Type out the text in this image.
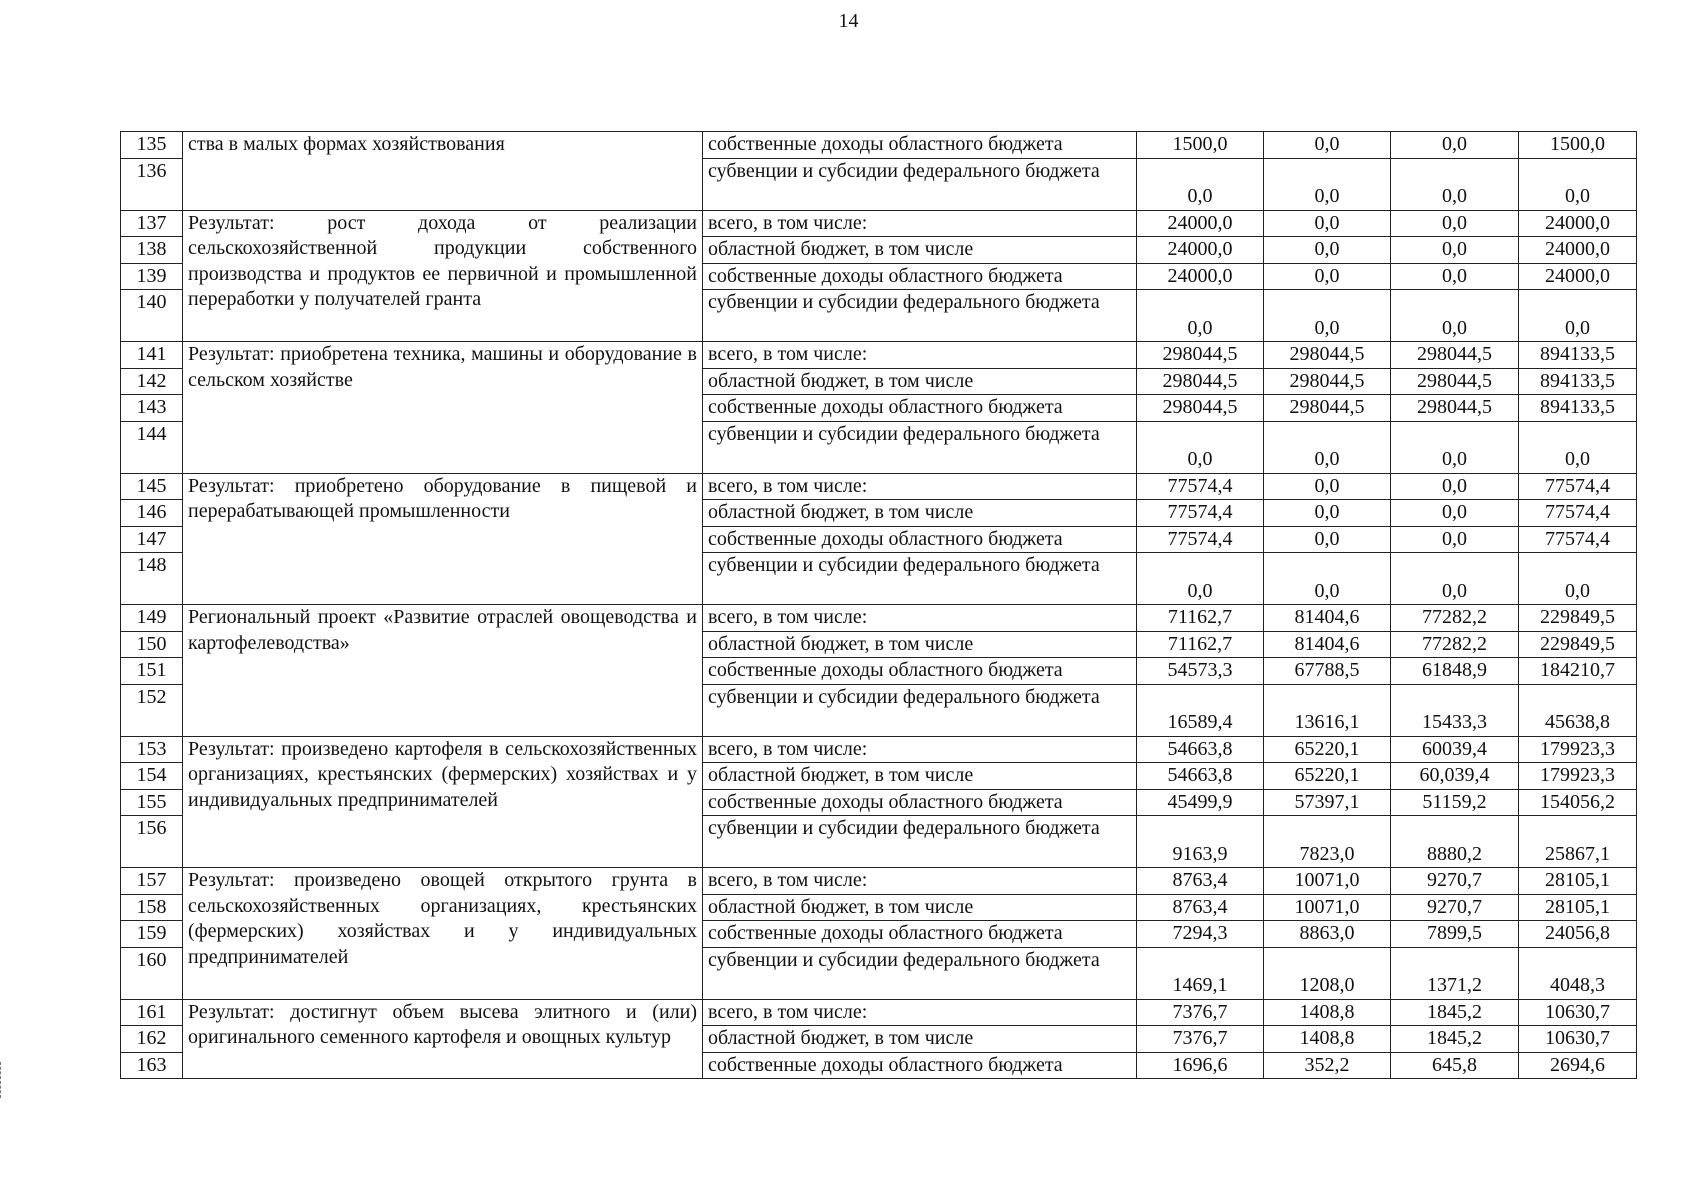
14
135	ства в малых формах хозяйствования	собственные доходы областного бюджета	1500,0	0,0	0,0	1500,0
136		субвенции и субсидии федерального бюджета	0,0	0,0	0,0	0,0
137	Результат: рост дохода от реализации сельскохозяйственной продукции собственного производства и продуктов ее первичной и промышленной переработки у получателей гранта	всего, в том числе:	24000,0	0,0	0,0	24000,0
138		областной бюджет, в том числе	24000,0	0,0	0,0	24000,0
139		собственные доходы областного бюджета	24000,0	0,0	0,0	24000,0
140		субвенции и субсидии федерального бюджета	0,0	0,0	0,0	0,0
141	Результат: приобретена техника, машины и оборудование в сельском хозяйстве	всего, в том числе:	298044,5	298044,5	298044,5	894133,5
142		областной бюджет, в том числе	298044,5	298044,5	298044,5	894133,5
143		собственные доходы областного бюджета	298044,5	298044,5	298044,5	894133,5
144		субвенции и субсидии федерального бюджета	0,0	0,0	0,0	0,0
145	Результат: приобретено оборудование в пищевой и перерабатывающей промышленности	всего, в том числе:	77574,4	0,0	0,0	77574,4
146		областной бюджет, в том числе	77574,4	0,0	0,0	77574,4
147		собственные доходы областного бюджета	77574,4	0,0	0,0	77574,4
148		субвенции и субсидии федерального бюджета	0,0	0,0	0,0	0,0
149	Региональный проект «Развитие отраслей овощеводства и картофелеводства»	всего, в том числе:	71162,7	81404,6	77282,2	229849,5
150		областной бюджет, в том числе	71162,7	81404,6	77282,2	229849,5
151		собственные доходы областного бюджета	54573,3	67788,5	61848,9	184210,7
152		субвенции и субсидии федерального бюджета	16589,4	13616,1	15433,3	45638,8
153	Результат: произведено картофеля в сельскохозяйственных организациях, крестьянских (фермерских) хозяйствах и у индивидуальных предпринимателей	всего, в том числе:	54663,8	65220,1	60039,4	179923,3
154		областной бюджет, в том числе	54663,8	65220,1	60,039,4	179923,3
155		собственные доходы областного бюджета	45499,9	57397,1	51159,2	154056,2
156		субвенции и субсидии федерального бюджета	9163,9	7823,0	8880,2	25867,1
157	Результат: произведено овощей открытого грунта в сельскохозяйственных организациях, крестьянских (фермерских) хозяйствах и у индивидуальных предпринимателей	всего, в том числе:	8763,4	10071,0	9270,7	28105,1
158		областной бюджет, в том числе	8763,4	10071,0	9270,7	28105,1
159		собственные доходы областного бюджета	7294,3	8863,0	7899,5	24056,8
160		субвенции и субсидии федерального бюджета	1469,1	1208,0	1371,2	4048,3
161	Результат: достигнут объем высева элитного и (или) оригинального семенного картофеля и овощных культур	всего, в том числе:	7376,7	1408,8	1845,2	10630,7
162		областной бюджет, в том числе	7376,7	1408,8	1845,2	10630,7
163		собственные доходы областного бюджета	1696,6	352,2	645,8	2694,6
